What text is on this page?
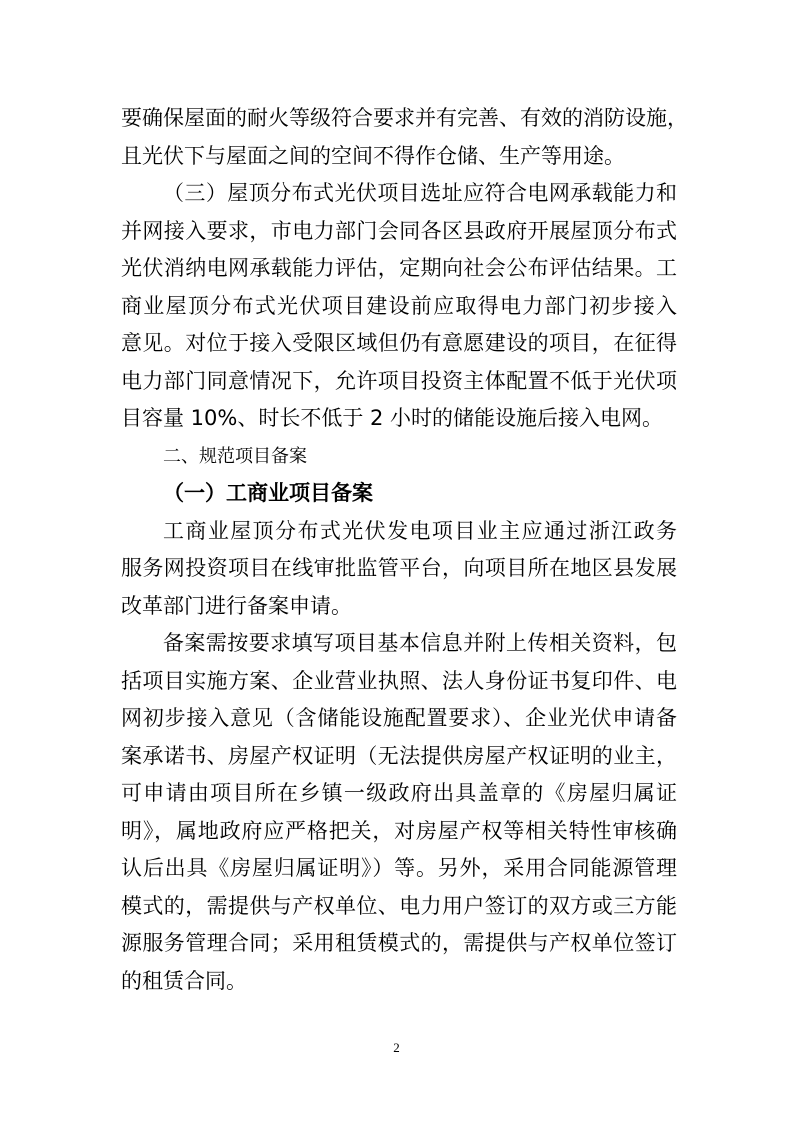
要确保屋面的耐火等级符合要求并有完善、有效的消防设施，
且光伏下与屋面之间的空间不得作仓储、生产等用途。
（三）屋顶分布式光伏项目选址应符合电网承载能力和
并网接入要求，市电力部门会同各区县政府开展屋顶分布式
光伏消纳电网承载能力评估，定期向社会公布评估结果。工
商业屋顶分布式光伏项目建设前应取得电力部门初步接入
意见。对位于接入受限区域但仍有意愿建设的项目，在征得
电力部门同意情况下，允许项目投资主体配置不低于光伏项
目容量 10%、时长不低于 2 小时的储能设施后接入电网。
二、规范项目备案
（一）工商业项目备案
工商业屋顶分布式光伏发电项目业主应通过浙江政务
服务网投资项目在线审批监管平台，向项目所在地区县发展
改革部门进行备案申请。
备案需按要求填写项目基本信息并附上传相关资料，包
括项目实施方案、企业营业执照、法人身份证书复印件、电
网初步接入意见（含储能设施配置要求）、企业光伏申请备
案承诺书、房屋产权证明（无法提供房屋产权证明的业主，
可申请由项目所在乡镇一级政府出具盖章的《房屋归属证
明》，属地政府应严格把关，对房屋产权等相关特性审核确
认后出具《房屋归属证明》）等。另外，采用合同能源管理
模式的，需提供与产权单位、电力用户签订的双方或三方能
源服务管理合同；采用租赁模式的，需提供与产权单位签订
的租赁合同。
2
